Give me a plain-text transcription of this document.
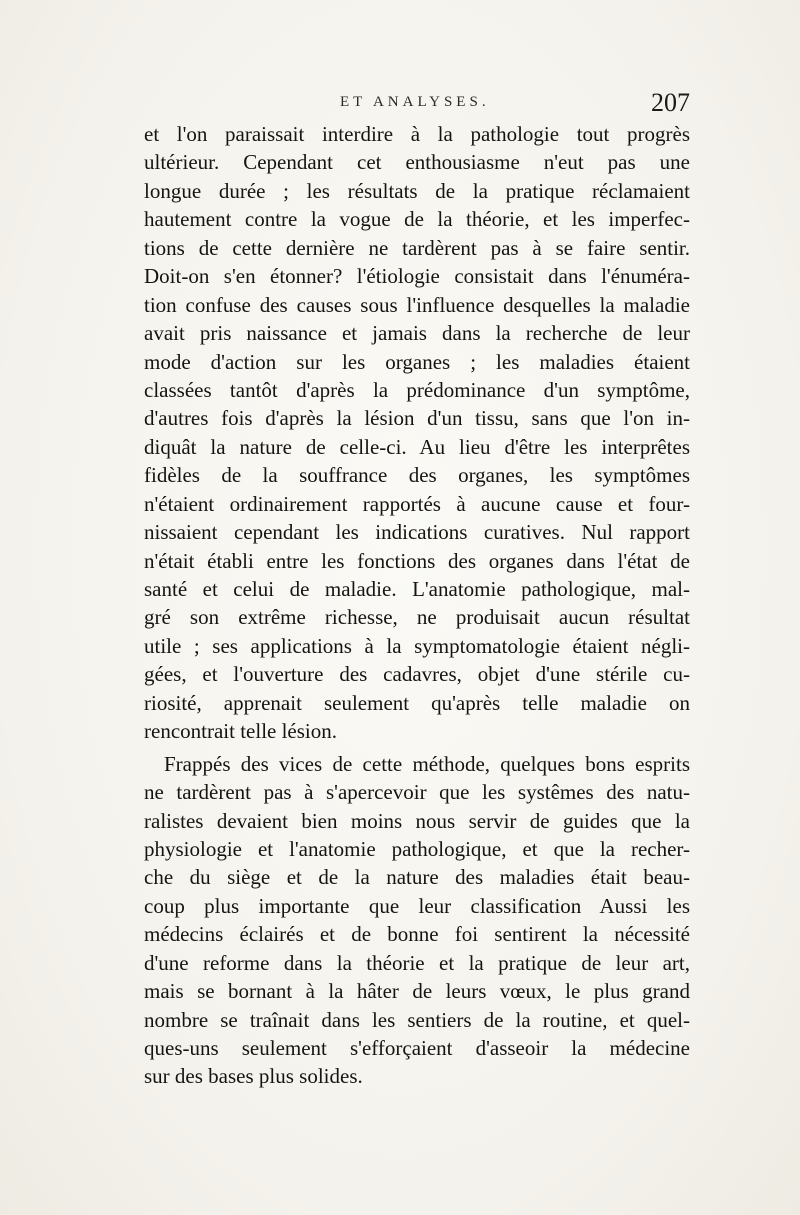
ET ANALYSES.	207
et l'on paraissait interdire à la pathologie tout progrès
ultérieur. Cependant cet enthousiasme n'eut pas une
longue durée ; les résultats de la pratique réclamaient
hautement contre la vogue de la théorie, et les imperfec-
tions de cette dernière ne tardèrent pas à se faire sentir.
Doit-on s'en étonner? l'étiologie consistait dans l'énuméra-
tion confuse des causes sous l'influence desquelles la maladie
avait pris naissance et jamais dans la recherche de leur
mode d'action sur les organes ; les maladies étaient
classées tantôt d'après la prédominance d'un symptôme,
d'autres fois d'après la lésion d'un tissu, sans que l'on in-
diquât la nature de celle-ci. Au lieu d'être les interprêtes
fidèles de la souffrance des organes, les symptômes
n'étaient ordinairement rapportés à aucune cause et four-
nissaient cependant les indications curatives. Nul rapport
n'était établi entre les fonctions des organes dans l'état de
santé et celui de maladie. L'anatomie pathologique, mal-
gré son extrême richesse, ne produisait aucun résultat
utile ; ses applications à la symptomatologie étaient négli-
gées, et l'ouverture des cadavres, objet d'une stérile cu-
riosité, apprenait seulement qu'après telle maladie on
rencontrait telle lésion.
Frappés des vices de cette méthode, quelques bons esprits
ne tardèrent pas à s'apercevoir que les systêmes des natu-
ralistes devaient bien moins nous servir de guides que la
physiologie et l'anatomie pathologique, et que la recher-
che du siège et de la nature des maladies était beau-
coup plus importante que leur classification Aussi les
médecins éclairés et de bonne foi sentirent la nécessité
d'une reforme dans la théorie et la pratique de leur art,
mais se bornant à la hâter de leurs vœux, le plus grand
nombre se traînait dans les sentiers de la routine, et quel-
ques-uns seulement s'efforçaient d'asseoir la médecine
sur des bases plus solides.
